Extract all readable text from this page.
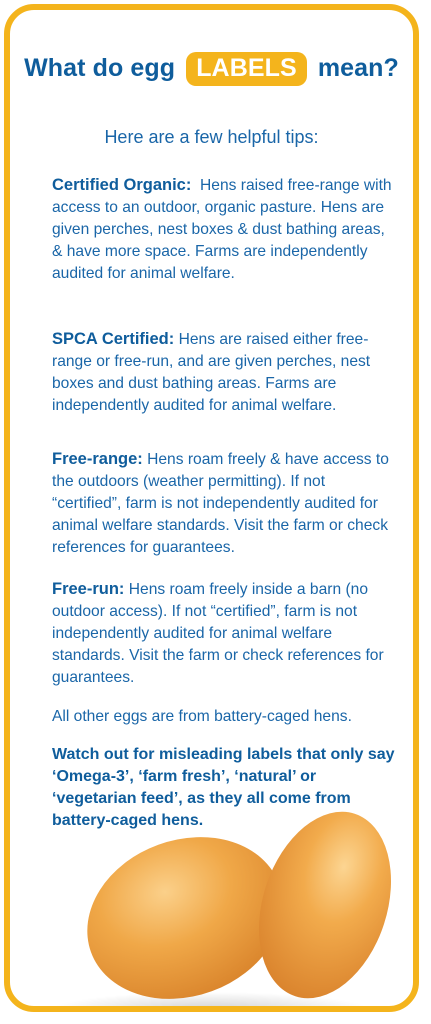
What do egg LABELS mean?
Here are a few helpful tips:
Certified Organic: Hens raised free-range with access to an outdoor, organic pasture. Hens are given perches, nest boxes & dust bathing areas, & have more space. Farms are independently audited for animal welfare.
SPCA Certified: Hens are raised either free-range or free-run, and are given perches, nest boxes and dust bathing areas. Farms are independently audited for animal welfare.
Free-range: Hens roam freely & have access to the outdoors (weather permitting). If not “certified”, farm is not independently audited for animal welfare standards. Visit the farm or check references for guarantees.
Free-run: Hens roam freely inside a barn (no outdoor access). If not “certified”, farm is not independently audited for animal welfare standards. Visit the farm or check references for guarantees.
All other eggs are from battery-caged hens.
Watch out for misleading labels that only say ‘Omega-3’, ‘farm fresh’, ‘natural’ or ‘vegetarian feed’, as they all come from battery-caged hens.
